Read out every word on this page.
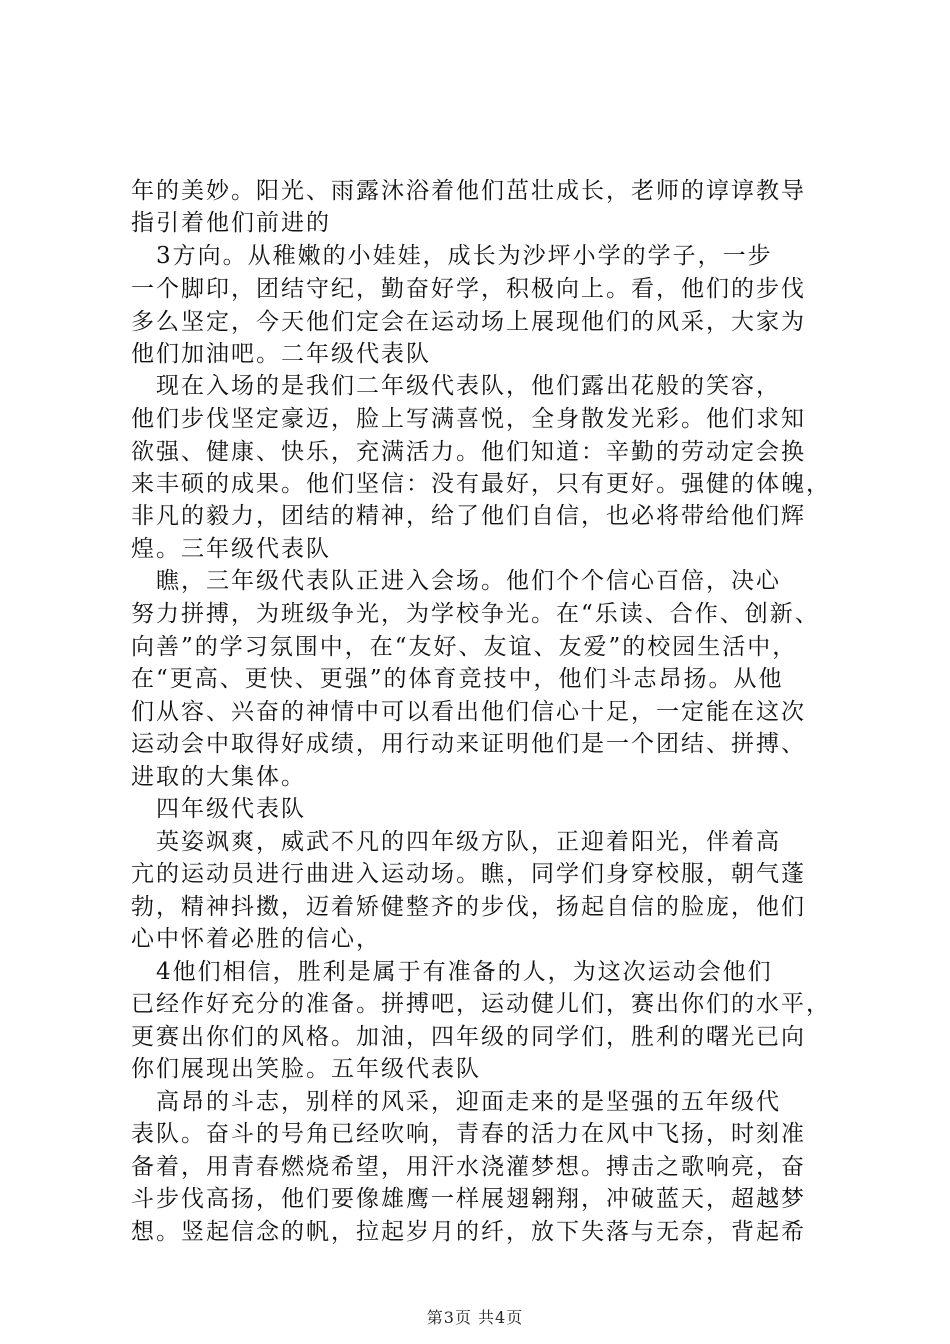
年的美妙。阳光、雨露沐浴着他们茁壮成长，老师的谆谆教导
指引着他们前进的
　3方向。从稚嫩的小娃娃，成长为沙坪小学的学子，一步
一个脚印，团结守纪，勤奋好学，积极向上。看，他们的步伐
多么坚定，今天他们定会在运动场上展现他们的风采，大家为
他们加油吧。二年级代表队
　现在入场的是我们二年级代表队，他们露出花般的笑容，
他们步伐坚定豪迈，脸上写满喜悦，全身散发光彩。他们求知
欲强、健康、快乐，充满活力。他们知道：辛勤的劳动定会换
来丰硕的成果。他们坚信：没有最好，只有更好。强健的体魄，
非凡的毅力，团结的精神，给了他们自信，也必将带给他们辉
煌。三年级代表队
　瞧，三年级代表队正进入会场。他们个个信心百倍，决心
努力拼搏，为班级争光，为学校争光。在“乐读、合作、创新、
向善”的学习氛围中，在“友好、友谊、友爱”的校园生活中，
在“更高、更快、更强”的体育竞技中，他们斗志昂扬。从他
们从容、兴奋的神情中可以看出他们信心十足，一定能在这次
运动会中取得好成绩，用行动来证明他们是一个团结、拼搏、
进取的大集体。
　四年级代表队
　英姿飒爽，威武不凡的四年级方队，正迎着阳光，伴着高
亢的运动员进行曲进入运动场。瞧，同学们身穿校服，朝气蓬
勃，精神抖擞，迈着矫健整齐的步伐，扬起自信的脸庞，他们
心中怀着必胜的信心，
　4他们相信，胜利是属于有准备的人，为这次运动会他们
已经作好充分的准备。拼搏吧，运动健儿们，赛出你们的水平，
更赛出你们的风格。加油，四年级的同学们，胜利的曙光已向
你们展现出笑脸。五年级代表队
　高昂的斗志，别样的风采，迎面走来的是坚强的五年级代
表队。奋斗的号角已经吹响，青春的活力在风中飞扬，时刻准
备着，用青春燃烧希望，用汗水浇灌梦想。搏击之歌响亮，奋
斗步伐高扬，他们要像雄鹰一样展翅翱翔，冲破蓝天，超越梦
想。竖起信念的帆，拉起岁月的纤，放下失落与无奈，背起希
第3页 共4页
